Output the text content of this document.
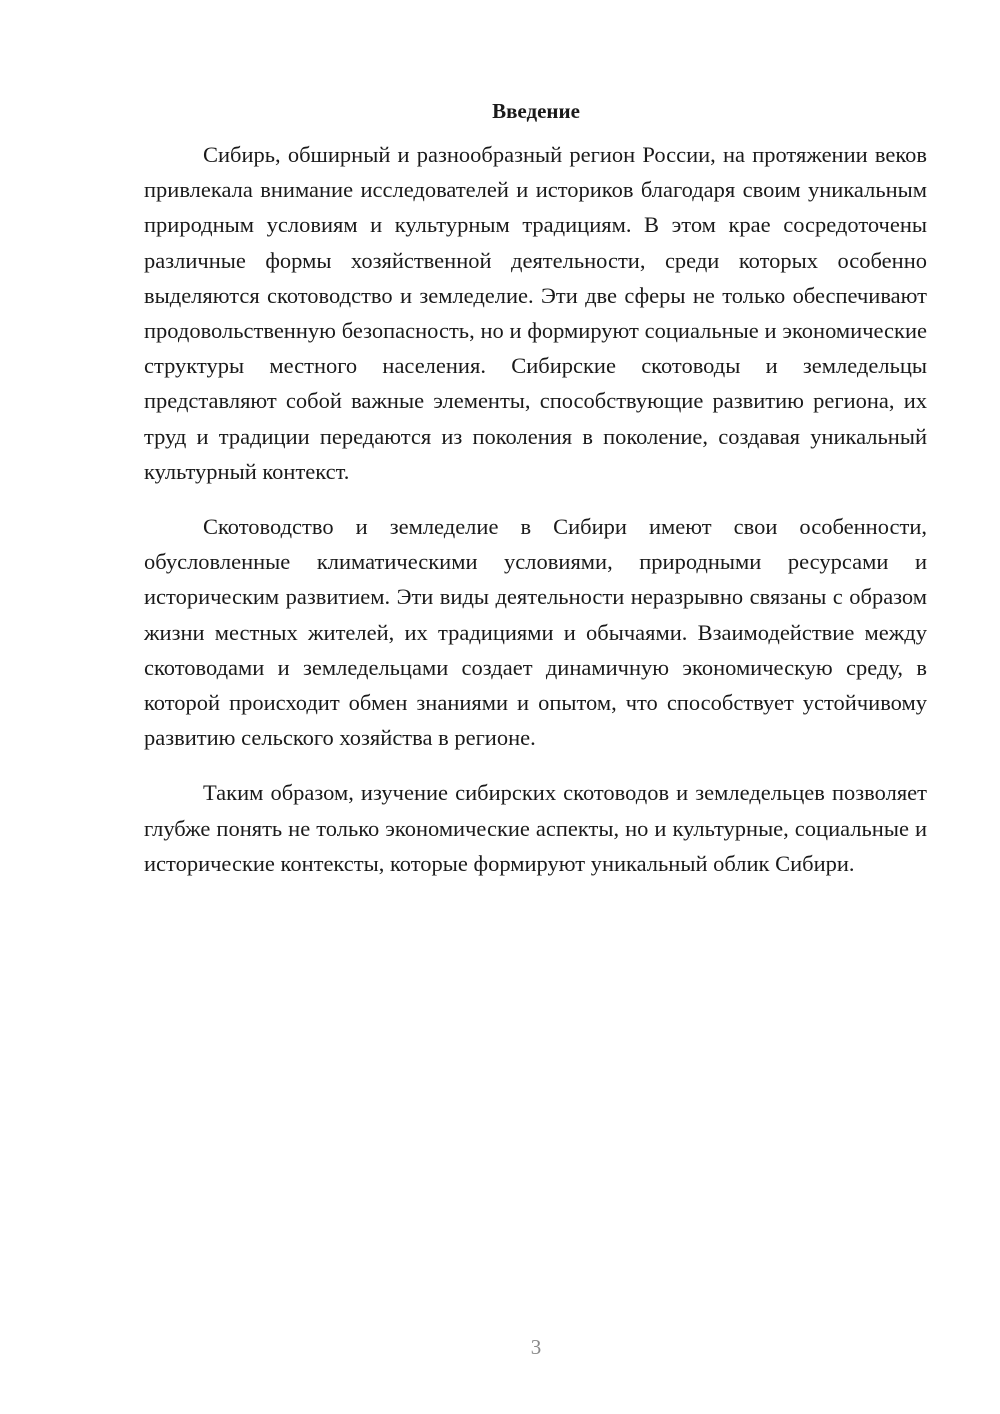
Введение

Сибирь, обширный и разнообразный регион России, на протяжении веков привлекала внимание исследователей и историков благодаря своим уникальным природным условиям и культурным традициям. В этом крае сосредоточены различные формы хозяйственной деятельности, среди которых особенно выделяются скотоводство и земледелие. Эти две сферы не только обеспечивают продовольственную безопасность, но и формируют социальные и экономические структуры местного населения. Сибирские скотоводы и земледельцы представляют собой важные элементы, способствующие развитию региона, их труд и традиции передаются из поколения в поколение, создавая уникальный культурный контекст.

Скотоводство и земледелие в Сибири имеют свои особенности, обусловленные климатическими условиями, природными ресурсами и историческим развитием. Эти виды деятельности неразрывно связаны с образом жизни местных жителей, их традициями и обычаями. Взаимодействие между скотоводами и земледельцами создает динамичную экономическую среду, в которой происходит обмен знаниями и опытом, что способствует устойчивому развитию сельского хозяйства в регионе.

Таким образом, изучение сибирских скотоводов и земледельцев позволяет глубже понять не только экономические аспекты, но и культурные, социальные и исторические контексты, которые формируют уникальный облик Сибири.

3
